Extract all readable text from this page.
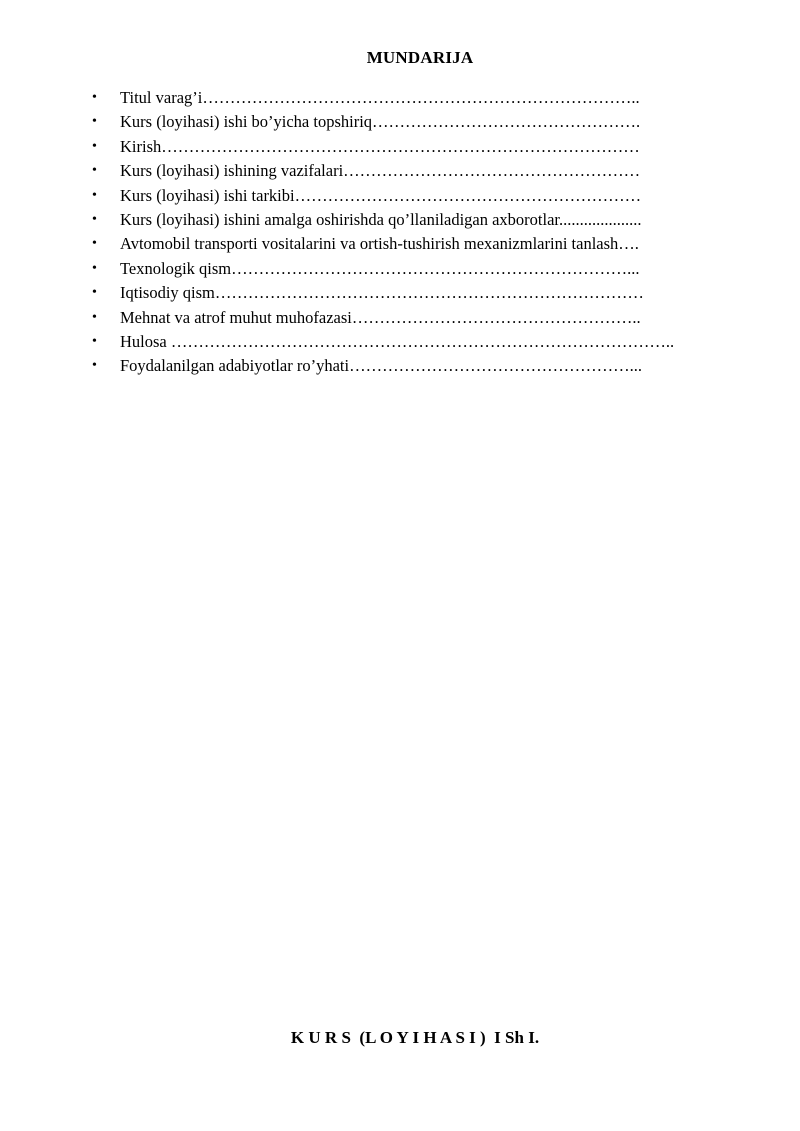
MUNDARIJA
•	Titul varag’i……………………………………………………………………..
•	Kurs (loyihasi) ishi bo’yicha topshiriq………………………………………….
•	Kirish……………………………………………………………………………
•	Kurs (loyihasi) ishining vazifalari………………………………………………
•	Kurs (loyihasi) ishi tarkibi………………………………………………………
•	Kurs (loyihasi) ishini amalga oshirishda qo’llaniladigan axborotlar....................
•	Avtomobil transporti vositalarini va ortish-tushirish mexanizmlarini tanlash….
•	Texnologik qism………………………………………………………………...
•	Iqtisodiy qism……………………………………………………………………
•	Mehnat va atrof muhut muhofazasi……………………………………………..
•	Hulosa ………………………………………………………………………………..
•	Foydalanilgan adabiyotlar ro’yhati……………………………………………...
K U R S  (L O Y I H A S I )  I Sh I.
